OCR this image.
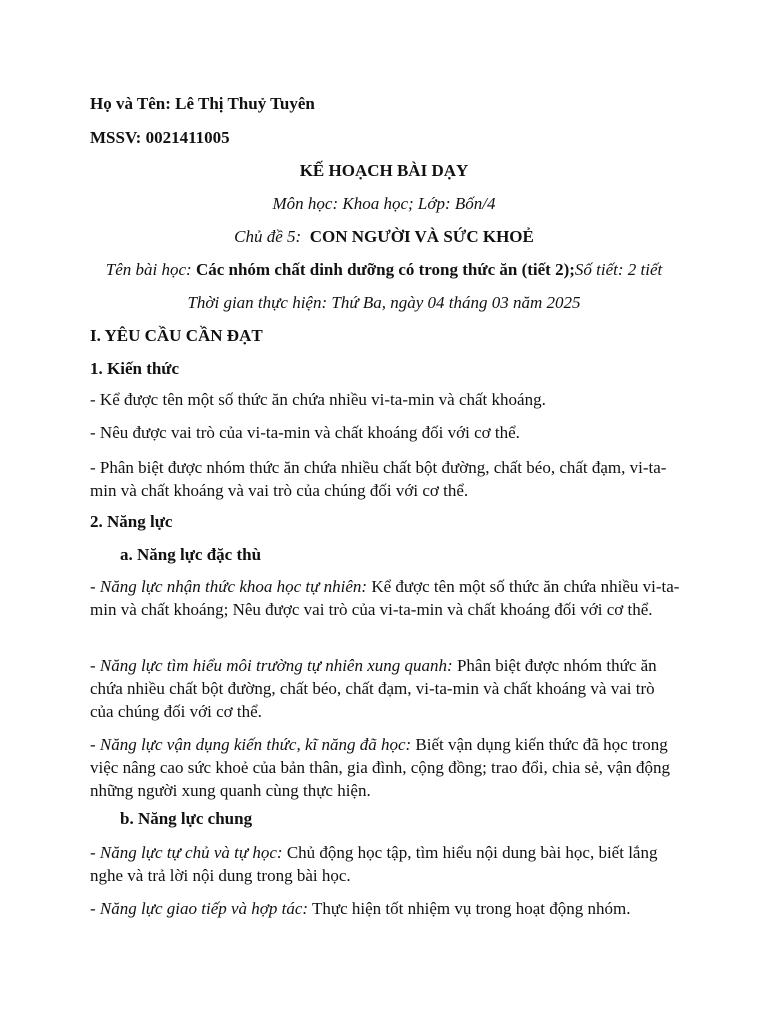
Họ và Tên: Lê Thị Thuỷ Tuyên
MSSV: 0021411005
KẾ HOẠCH BÀI DẠY
Môn học: Khoa học; Lớp: Bốn/4
Chủ đề 5: CON NGƯỜI VÀ SỨC KHOẺ
Tên bài học: Các nhóm chất dinh dưỡng có trong thức ăn (tiết 2);Số tiết: 2 tiết
Thời gian thực hiện: Thứ Ba, ngày 04 tháng 03 năm 2025
I. YÊU CẦU CẦN ĐẠT
1. Kiến thức
- Kể được tên một số thức ăn chứa nhiều vi-ta-min và chất khoáng.
- Nêu được vai trò của vi-ta-min và chất khoáng đối với cơ thể.
- Phân biệt được nhóm thức ăn chứa nhiều chất bột đường, chất béo, chất đạm, vi-ta-min và chất khoáng và vai trò của chúng đối với cơ thể.
2. Năng lực
a. Năng lực đặc thù
- Năng lực nhận thức khoa học tự nhiên: Kể được tên một số thức ăn chứa nhiều vi-ta-min và chất khoáng; Nêu được vai trò của vi-ta-min và chất khoáng đối với cơ thể.
- Năng lực tìm hiểu môi trường tự nhiên xung quanh: Phân biệt được nhóm thức ăn chứa nhiều chất bột đường, chất béo, chất đạm, vi-ta-min và chất khoáng và vai trò của chúng đối với cơ thể.
- Năng lực vận dụng kiến thức, kĩ năng đã học: Biết vận dụng kiến thức đã học trong việc nâng cao sức khoẻ của bản thân, gia đình, cộng đồng; trao đổi, chia sẻ, vận động những người xung quanh cùng thực hiện.
b. Năng lực chung
- Năng lực tự chủ và tự học: Chủ động học tập, tìm hiểu nội dung bài học, biết lắng nghe và trả lời nội dung trong bài học.
- Năng lực giao tiếp và hợp tác: Thực hiện tốt nhiệm vụ trong hoạt động nhóm.
